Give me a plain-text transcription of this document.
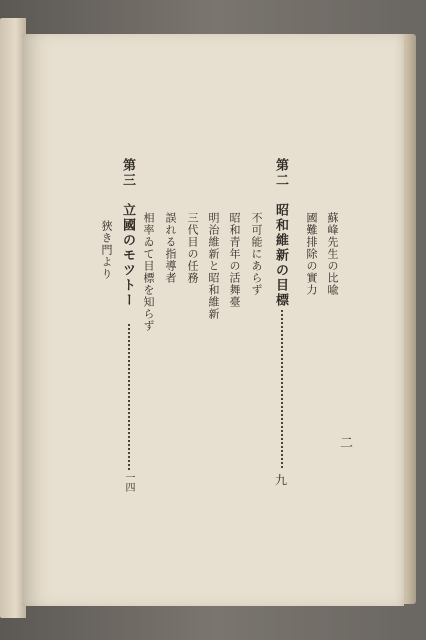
第二　昭和維新の目標
九
蘇峰先生の比喩
國難排除の實力
不可能にあらず
昭和青年の活舞臺
明治維新と昭和維新
三代目の任務
誤れる指導者
相率ゐて目標を知らず
第三　立國のモツトー
一四
狹き門より
二
